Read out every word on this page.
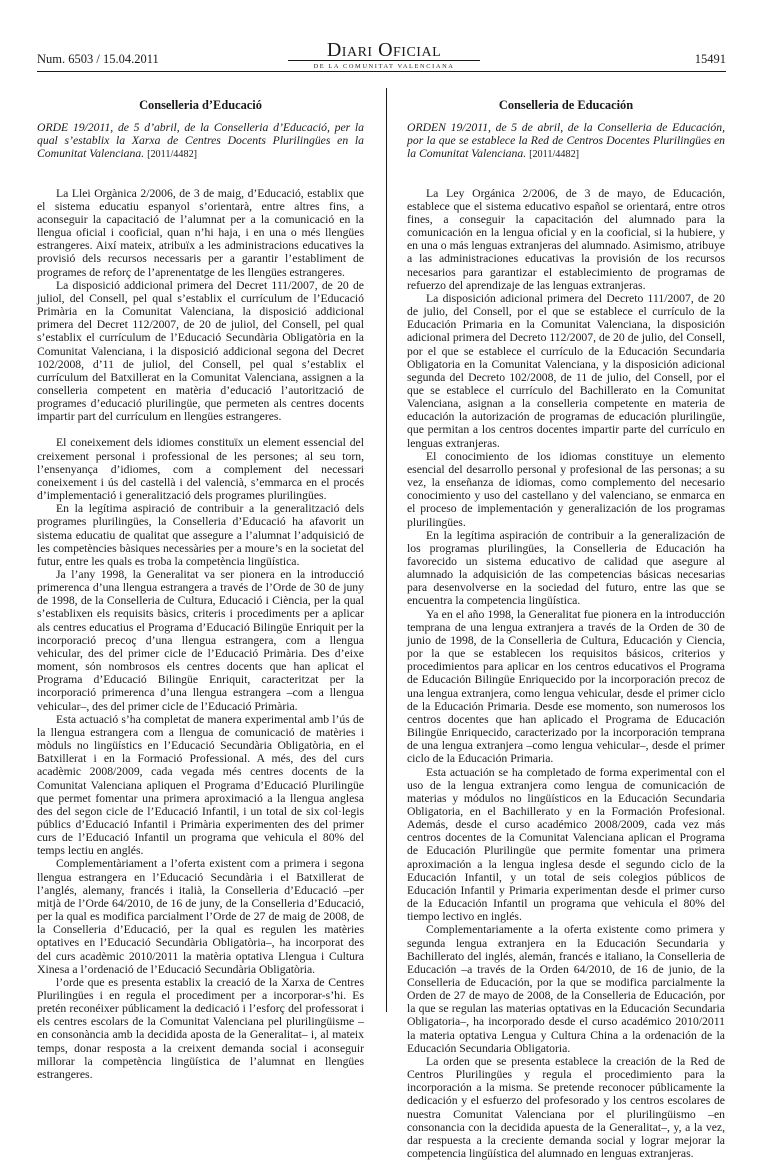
Num. 6503 / 15.04.2011	Diari Oficial
DE LA COMUNITAT VALENCIANA
15491
Conselleria d’Educació

ORDE 19/2011, de 5 d’abril, de la Conselleria d’Educació, per la qual s’establix la Xarxa de Centres Docents Plurilingües en la Comunitat Valenciana. [2011/4482]

La Llei Orgànica 2/2006, de 3 de maig, d’Educació, establix que el sistema educatiu espanyol s’orientarà, entre altres fins, a aconseguir la capacitació de l’alumnat per a la comunicació en la llengua oficial i cooficial, quan n’hi haja, i en una o més llengües estrangeres. Així mateix, atribuïx a les administracions educatives la provisió dels recursos necessaris per a garantir l’establiment de programes de reforç de l’aprenentatge de les llengües estrangeres.

La disposició addicional primera del Decret 111/2007, de 20 de juliol, del Consell, pel qual s’establix el currículum de l’Educació Primària en la Comunitat Valenciana, la disposició addicional primera del Decret 112/2007, de 20 de juliol, del Consell, pel qual s’establix el currículum de l’Educació Secundària Obligatòria en la Comunitat Valenciana, i la disposició addicional segona del Decret 102/2008, d’11 de juliol, del Consell, pel qual s’establix el currículum del Batxillerat en la Comunitat Valenciana, assignen a la conselleria competent en matèria d’educació l’autorització de programes d’educació plurilingüe, que permeten als centres docents impartir part del currículum en llengües estrangeres.

El coneixement dels idiomes constituïx un element essencial del creixement personal i professional de les persones; al seu torn, l’ensenyança d’idiomes, com a complement del necessari coneixement i ús del castellà i del valencià, s’emmarca en el procés d’implementació i generalització dels programes plurilingües.

En la legítima aspiració de contribuir a la generalització dels programes plurilingües, la Conselleria d’Educació ha afavorit un sistema educatiu de qualitat que assegure a l’alumnat l’adquisició de les competències bàsiques necessàries per a moure’s en la societat del futur, entre les quals es troba la competència lingüística.

Ja l’any 1998, la Generalitat va ser pionera en la introducció primerenca d’una llengua estrangera a través de l’Orde de 30 de juny de 1998, de la Conselleria de Cultura, Educació i Ciència, per la qual s’establixen els requisits bàsics, criteris i procediments per a aplicar als centres educatius el Programa d’Educació Bilingüe Enriquit per la incorporació precoç d’una llengua estrangera, com a llengua vehicular, des del primer cicle de l’Educació Primària. Des d’eixe moment, són nombrosos els centres docents que han aplicat el Programa d’Educació Bilingüe Enriquit, caracteritzat per la incorporació primerenca d’una llengua estrangera –com a llengua vehicular–, des del primer cicle de l’Educació Primària.

Esta actuació s’ha completat de manera experimental amb l’ús de la llengua estrangera com a llengua de comunicació de matèries i mòduls no lingüístics en l’Educació Secundària Obligatòria, en el Batxillerat i en la Formació Professional. A més, des del curs acadèmic 2008/2009, cada vegada més centres docents de la Comunitat Valenciana apliquen el Programa d’Educació Plurilingüe que permet fomentar una primera aproximació a la llengua anglesa des del segon cicle de l’Educació Infantil, i un total de six col·legis públics d’Educació Infantil i Primària experimenten des del primer curs de l’Educació Infantil un programa que vehicula el 80% del temps lectiu en anglés.

Complementàriament a l’oferta existent com a primera i segona llengua estrangera en l’Educació Secundària i el Batxillerat de l’anglés, alemany, francés i italià, la Conselleria d’Educació –per mitjà de l’Orde 64/2010, de 16 de juny, de la Conselleria d’Educació, per la qual es modifica parcialment l’Orde de 27 de maig de 2008, de la Conselleria d’Educació, per la qual es regulen les matèries optatives en l’Educació Secundària Obligatòria–, ha incorporat des del curs acadèmic 2010/2011 la matèria optativa Llengua i Cultura Xinesa a l’ordenació de l’Educació Secundària Obligatòria.

l’orde que es presenta establix la creació de la Xarxa de Centres Plurilingües i en regula el procediment per a incorporar-s’hi. Es pretén reconéixer públicament la dedicació i l’esforç del professorat i els centres escolars de la Comunitat Valenciana pel plurilingüisme –en consonància amb la decidida aposta de la Generalitat– i, al mateix temps, donar resposta a la creixent demanda social i aconseguir millorar la competència lingüística de l’alumnat en llengües estrangeres.

Conselleria de Educación

ORDEN 19/2011, de 5 de abril, de la Conselleria de Educación, por la que se establece la Red de Centros Docentes Plurilingües en la Comunitat Valenciana. [2011/4482]

La Ley Orgánica 2/2006, de 3 de mayo, de Educación, establece que el sistema educativo español se orientará, entre otros fines, a conseguir la capacitación del alumnado para la comunicación en la lengua oficial y en la cooficial, si la hubiere, y en una o más lenguas extranjeras del alumnado. Asimismo, atribuye a las administraciones educativas la provisión de los recursos necesarios para garantizar el establecimiento de programas de refuerzo del aprendizaje de las lenguas extranjeras.

La disposición adicional primera del Decreto 111/2007, de 20 de julio, del Consell, por el que se establece el currículo de la Educación Primaria en la Comunitat Valenciana, la disposición adicional primera del Decreto 112/2007, de 20 de julio, del Consell, por el que se establece el currículo de la Educación Secundaria Obligatoria en la Comunitat Valenciana, y la disposición adicional segunda del Decreto 102/2008, de 11 de julio, del Consell, por el que se establece el currículo del Bachillerato en la Comunitat Valenciana, asignan a la conselleria competente en materia de educación la autorización de programas de educación plurilingüe, que permitan a los centros docentes impartir parte del currículo en lenguas extranjeras.

El conocimiento de los idiomas constituye un elemento esencial del desarrollo personal y profesional de las personas; a su vez, la enseñanza de idiomas, como complemento del necesario conocimiento y uso del castellano y del valenciano, se enmarca en el proceso de implementación y generalización de los programas plurilingües.

En la legítima aspiración de contribuir a la generalización de los programas plurilingües, la Conselleria de Educación ha favorecido un sistema educativo de calidad que asegure al alumnado la adquisición de las competencias básicas necesarias para desenvolverse en la sociedad del futuro, entre las que se encuentra la competencia lingüística.

Ya en el año 1998, la Generalitat fue pionera en la introducción temprana de una lengua extranjera a través de la Orden de 30 de junio de 1998, de la Conselleria de Cultura, Educación y Ciencia, por la que se establecen los requisitos básicos, criterios y procedimientos para aplicar en los centros educativos el Programa de Educación Bilingüe Enriquecido por la incorporación precoz de una lengua extranjera, como lengua vehicular, desde el primer ciclo de la Educación Primaria. Desde ese momento, son numerosos los centros docentes que han aplicado el Programa de Educación Bilingüe Enriquecido, caracterizado por la incorporación temprana de una lengua extranjera –como lengua vehicular–, desde el primer ciclo de la Educación Primaria.

Esta actuación se ha completado de forma experimental con el uso de la lengua extranjera como lengua de comunicación de materias y módulos no lingüísticos en la Educación Secundaria Obligatoria, en el Bachillerato y en la Formación Profesional. Además, desde el curso académico 2008/2009, cada vez más centros docentes de la Comunitat Valenciana aplican el Programa de Educación Plurilingüe que permite fomentar una primera aproximación a la lengua inglesa desde el segundo ciclo de la Educación Infantil, y un total de seis colegios públicos de Educación Infantil y Primaria experimentan desde el primer curso de la Educación Infantil un programa que vehicula el 80% del tiempo lectivo en inglés.

Complementariamente a la oferta existente como primera y segunda lengua extranjera en la Educación Secundaria y Bachillerato del inglés, alemán, francés e italiano, la Conselleria de Educación –a través de la Orden 64/2010, de 16 de junio, de la Conselleria de Educación, por la que se modifica parcialmente la Orden de 27 de mayo de 2008, de la Conselleria de Educación, por la que se regulan las materias optativas en la Educación Secundaria Obligatoria–, ha incorporado desde el curso académico 2010/2011 la materia optativa Lengua y Cultura China a la ordenación de la Educación Secundaria Obligatoria.

La orden que se presenta establece la creación de la Red de Centros Plurilingües y regula el procedimiento para la incorporación a la misma. Se pretende reconocer públicamente la dedicación y el esfuerzo del profesorado y los centros escolares de nuestra Comunitat Valenciana por el plurilingüismo –en consonancia con la decidida apuesta de la Generalitat–, y, a la vez, dar respuesta a la creciente demanda social y lograr mejorar la competencia lingüística del alumnado en lenguas extranjeras.
